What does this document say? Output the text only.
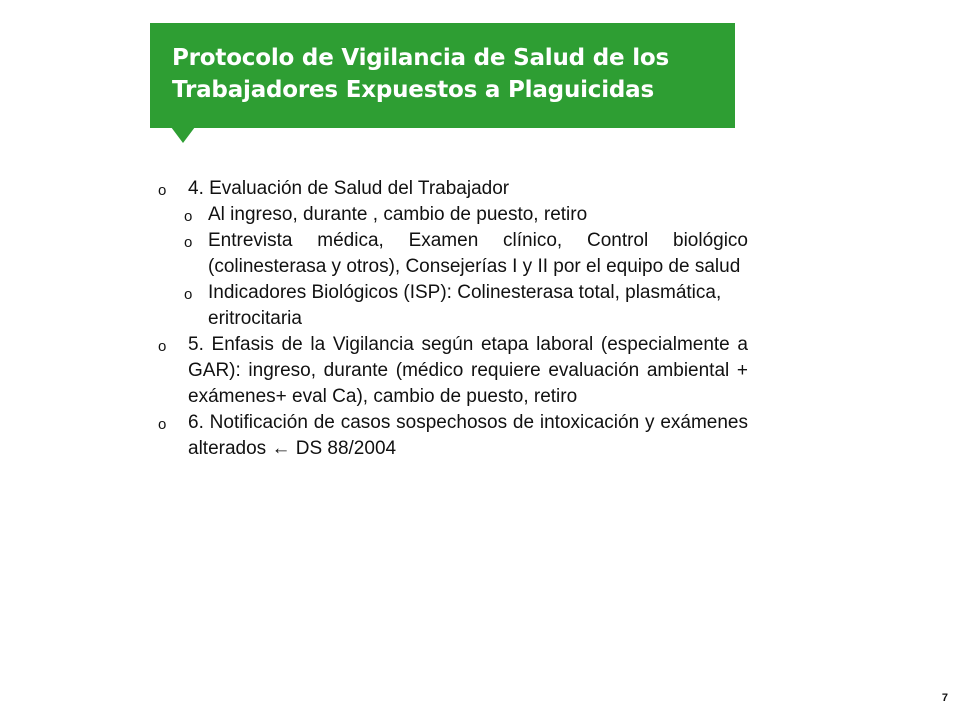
Protocolo de Vigilancia de Salud de los
Trabajadores Expuestos a Plaguicidas

o 4. Evaluación de Salud del Trabajador
o Al ingreso, durante , cambio de puesto, retiro
o Entrevista médica, Examen clínico, Control biológico (colinesterasa y otros), Consejerías I y II por el equipo de salud
o Indicadores Biológicos (ISP): Colinesterasa total, plasmática, eritrocitaria
o 5. Enfasis de la Vigilancia según etapa laboral (especialmente a GAR): ingreso, durante (médico requiere evaluación ambiental + exámenes+ eval Ca), cambio de puesto, retiro
o 6. Notificación de casos sospechosos de intoxicación y exámenes alterados ← DS 88/2004
7
